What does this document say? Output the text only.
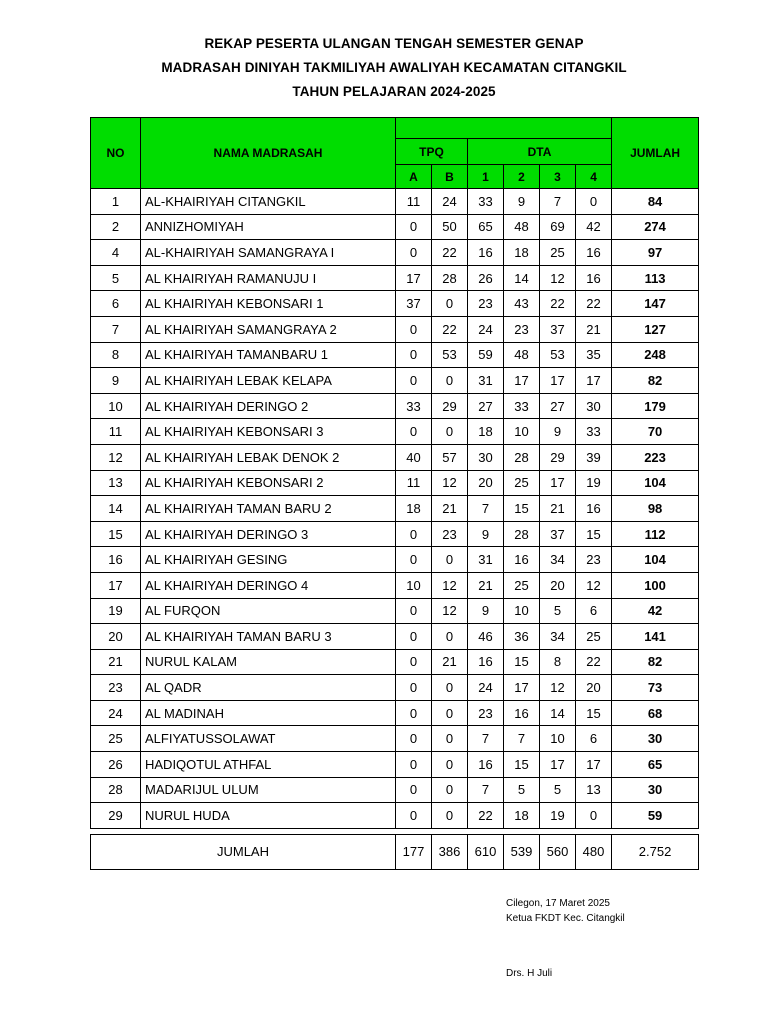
REKAP PESERTA ULANGAN TENGAH SEMESTER GENAP
MADRASAH DINIYAH TAKMILIYAH AWALIYAH KECAMATAN CITANGKIL
TAHUN PELAJARAN 2024-2025
NO	NAMA MADRASAH							JUMLAH
		TPQ		DTA				
		A	B	1	2	3	4	
1	AL-KHAIRIYAH CITANGKIL	11	24	33	9	7	0	84
2	ANNIZHOMIYAH	0	50	65	48	69	42	274
4	AL-KHAIRIYAH SAMANGRAYA I	0	22	16	18	25	16	97
5	AL KHAIRIYAH RAMANUJU I	17	28	26	14	12	16	113
6	AL KHAIRIYAH KEBONSARI 1	37	0	23	43	22	22	147
7	AL KHAIRIYAH SAMANGRAYA 2	0	22	24	23	37	21	127
8	AL KHAIRIYAH TAMANBARU 1	0	53	59	48	53	35	248
9	AL KHAIRIYAH LEBAK KELAPA	0	0	31	17	17	17	82
10	AL KHAIRIYAH DERINGO 2	33	29	27	33	27	30	179
11	AL KHAIRIYAH KEBONSARI 3	0	0	18	10	9	33	70
12	AL KHAIRIYAH LEBAK DENOK 2	40	57	30	28	29	39	223
13	AL KHAIRIYAH KEBONSARI 2	11	12	20	25	17	19	104
14	AL KHAIRIYAH TAMAN BARU 2	18	21	7	15	21	16	98
15	AL KHAIRIYAH DERINGO 3	0	23	9	28	37	15	112
16	AL KHAIRIYAH GESING	0	0	31	16	34	23	104
17	AL KHAIRIYAH DERINGO 4	10	12	21	25	20	12	100
19	AL FURQON	0	12	9	10	5	6	42
20	AL KHAIRIYAH TAMAN BARU 3	0	0	46	36	34	25	141
21	NURUL KALAM	0	21	16	15	8	22	82
23	AL QADR	0	0	24	17	12	20	73
24	AL MADINAH	0	0	23	16	14	15	68
25	ALFIYATUSSOLAWAT	0	0	7	7	10	6	30
26	HADIQOTUL ATHFAL	0	0	16	15	17	17	65
28	MADARIJUL ULUM	0	0	7	5	5	13	30
29	NURUL HUDA	0	0	22	18	19	0	59

JUMLAH		177	386	610	539	560	480	2.752
Cilegon, 17 Maret 2025
Ketua FKDT Kec. Citangkil
Drs. H Juli
